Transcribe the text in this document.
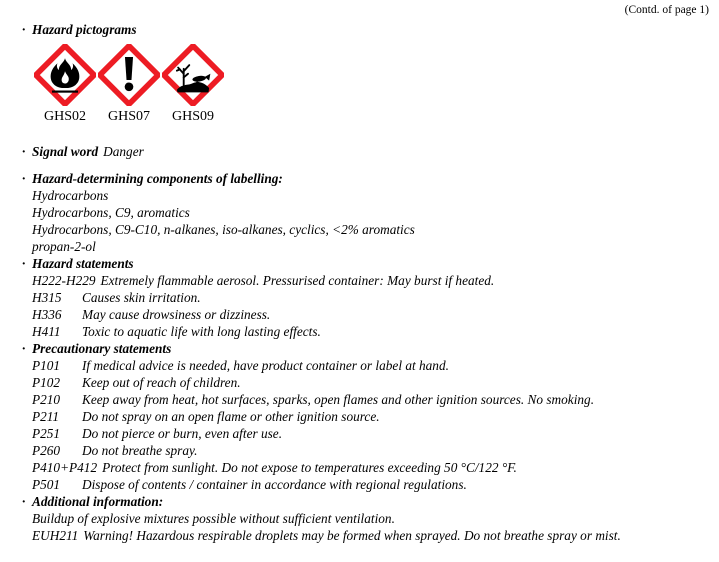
(Contd. of page 1)
· Hazard pictograms
GHS02	GHS07	GHS09
· Signal word Danger
· Hazard-determining components of labelling:
Hydrocarbons
Hydrocarbons, C9, aromatics
Hydrocarbons, C9-C10, n-alkanes, iso-alkanes, cyclics, <2% aromatics
propan-2-ol
· Hazard statements
H222-H229 Extremely flammable aerosol. Pressurised container: May burst if heated.
H315	Causes skin irritation.
H336	May cause drowsiness or dizziness.
H411	Toxic to aquatic life with long lasting effects.
· Precautionary statements
P101	If medical advice is needed, have product container or label at hand.
P102	Keep out of reach of children.
P210	Keep away from heat, hot surfaces, sparks, open flames and other ignition sources. No smoking.
P211	Do not spray on an open flame or other ignition source.
P251	Do not pierce or burn, even after use.
P260	Do not breathe spray.
P410+P412 Protect from sunlight. Do not expose to temperatures exceeding 50 °C/122 °F.
P501	Dispose of contents / container in accordance with regional regulations.
· Additional information:
Buildup of explosive mixtures possible without sufficient ventilation.
EUH211 Warning! Hazardous respirable droplets may be formed when sprayed. Do not breathe spray or mist.
